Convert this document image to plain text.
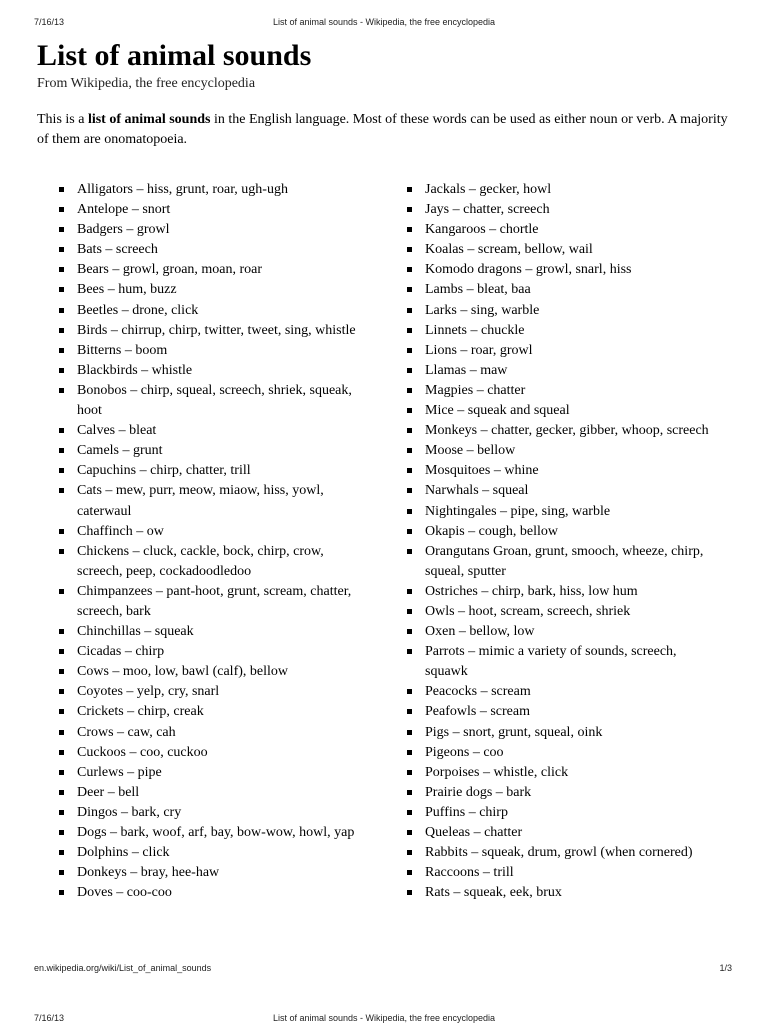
7/16/13	List of animal sounds - Wikipedia, the free encyclopedia
List of animal sounds
From Wikipedia, the free encyclopedia

This is a list of animal sounds in the English language. Most of these words can be used as either noun or verb. A majority of them are onomatopoeia.

Alligators – hiss, grunt, roar, ugh-ugh
Antelope – snort
Badgers – growl
Bats – screech
Bears – growl, groan, moan, roar
Bees – hum, buzz
Beetles – drone, click
Birds – chirrup, chirp, twitter, tweet, sing, whistle
Bitterns – boom
Blackbirds – whistle
Bonobos – chirp, squeal, screech, shriek, squeak, hoot
Calves – bleat
Camels – grunt
Capuchins – chirp, chatter, trill
Cats – mew, purr, meow, miaow, hiss, yowl, caterwaul
Chaffinch – ow
Chickens – cluck, cackle, bock, chirp, crow, screech, peep, cockadoodledoo
Chimpanzees – pant-hoot, grunt, scream, chatter, screech, bark
Chinchillas – squeak
Cicadas – chirp
Cows – moo, low, bawl (calf), bellow
Coyotes – yelp, cry, snarl
Crickets – chirp, creak
Crows – caw, cah
Cuckoos – coo, cuckoo
Curlews – pipe
Deer – bell
Dingos – bark, cry
Dogs – bark, woof, arf, bay, bow-wow, howl, yap
Dolphins – click
Donkeys – bray, hee-haw
Doves – coo-coo
Jackals – gecker, howl
Jays – chatter, screech
Kangaroos – chortle
Koalas – scream, bellow, wail
Komodo dragons – growl, snarl, hiss
Lambs – bleat, baa
Larks – sing, warble
Linnets – chuckle
Lions – roar, growl
Llamas – maw
Magpies – chatter
Mice – squeak and squeal
Monkeys – chatter, gecker, gibber, whoop, screech
Moose – bellow
Mosquitoes – whine
Narwhals – squeal
Nightingales – pipe, sing, warble
Okapis – cough, bellow
Orangutans Groan, grunt, smooch, wheeze, chirp, squeal, sputter
Ostriches – chirp, bark, hiss, low hum
Owls – hoot, scream, screech, shriek
Oxen – bellow, low
Parrots – mimic a variety of sounds, screech, squawk
Peacocks – scream
Peafowls – scream
Pigs – snort, grunt, squeal, oink
Pigeons – coo
Porpoises – whistle, click
Prairie dogs – bark
Puffins – chirp
Queleas – chatter
Rabbits – squeak, drum, growl (when cornered)
Raccoons – trill
Rats – squeak, eek, brux
en.wikipedia.org/wiki/List_of_animal_sounds	1/3
7/16/13	List of animal sounds - Wikipedia, the free encyclopedia
